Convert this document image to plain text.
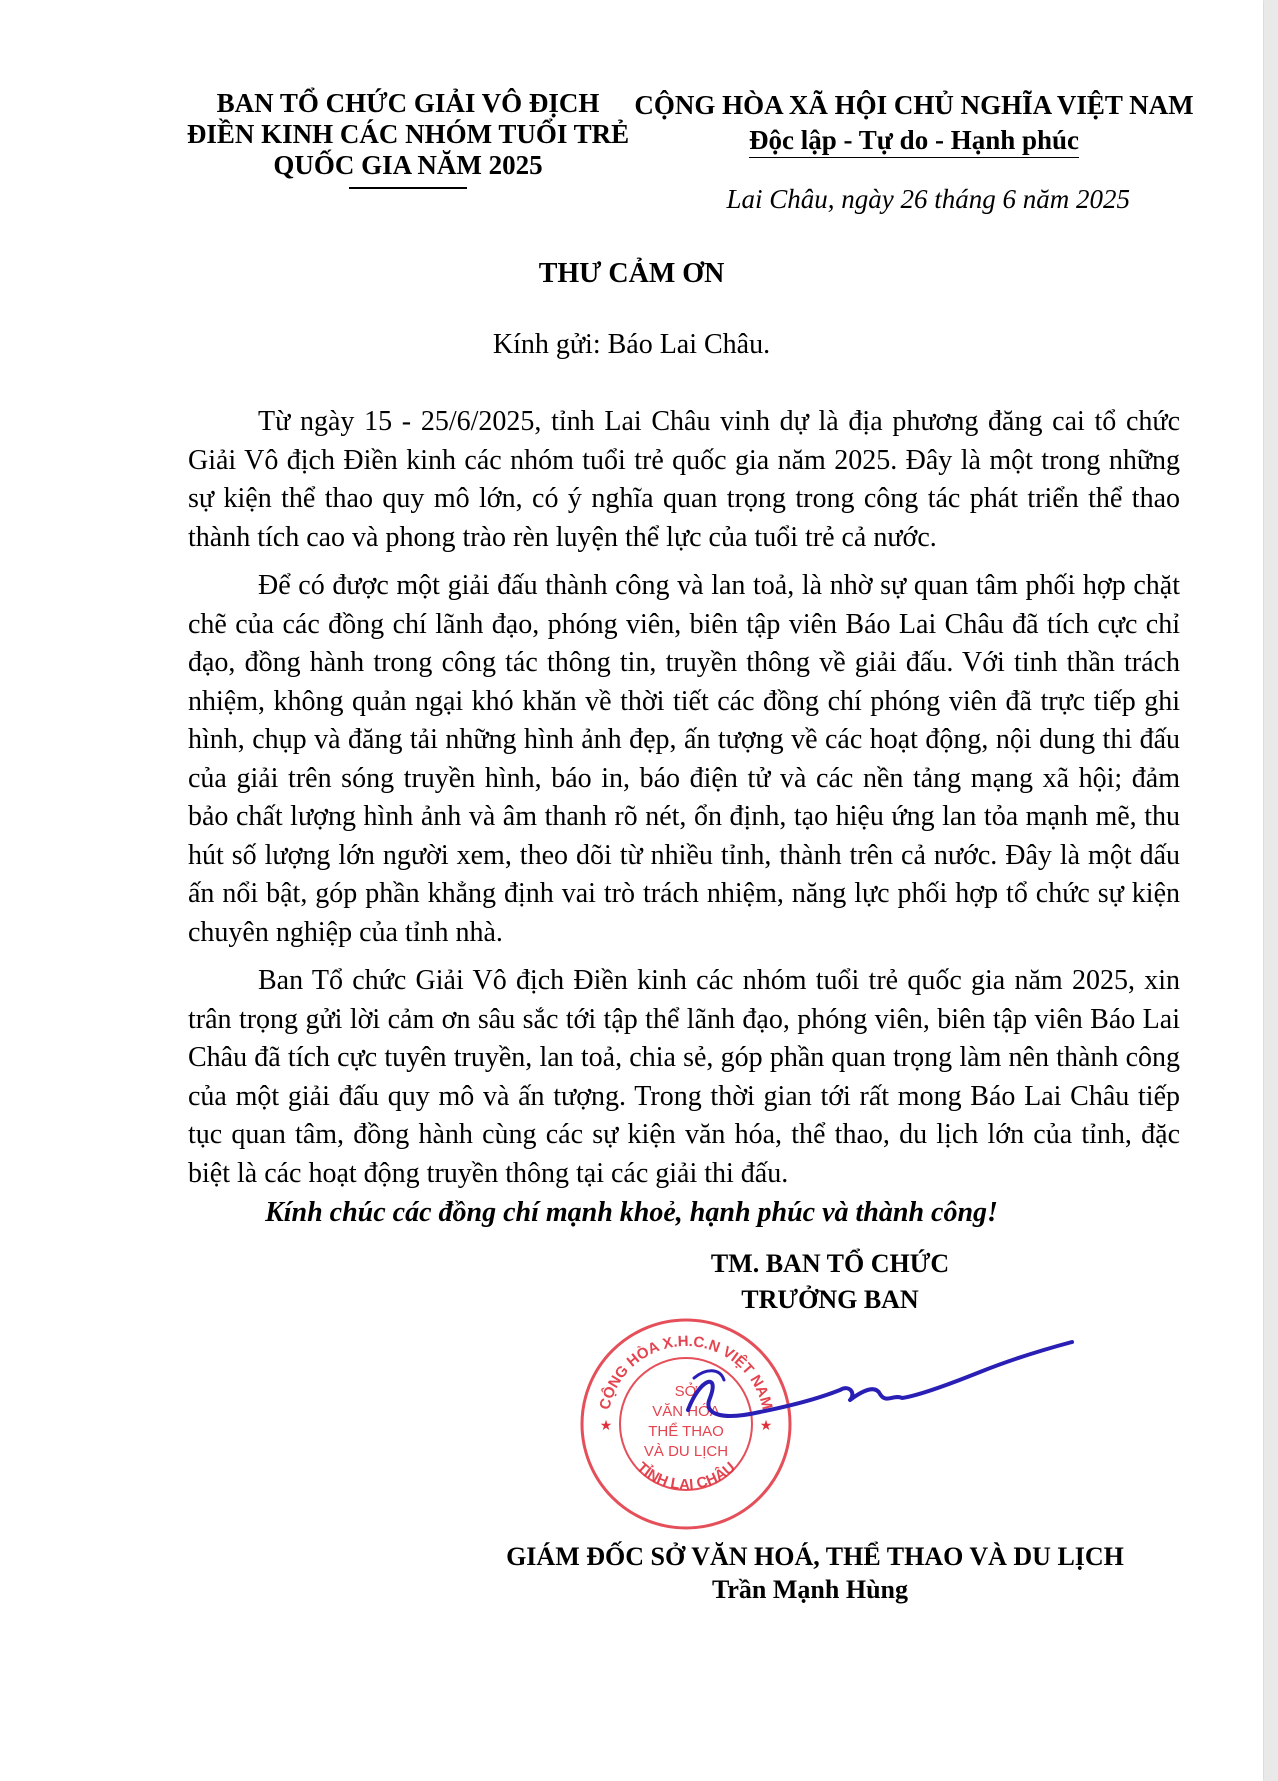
BAN TỔ CHỨC GIẢI VÔ ĐỊCH
ĐIỀN KINH CÁC NHÓM TUỔI TRẺ
QUỐC GIA NĂM 2025
CỘNG HÒA XÃ HỘI CHỦ NGHĨA VIỆT NAM
Độc lập - Tự do - Hạnh phúc
Lai Châu, ngày 26 tháng 6 năm 2025
THƯ CẢM ƠN
Kính gửi: Báo Lai Châu.

Từ ngày 15 - 25/6/2025, tỉnh Lai Châu vinh dự là địa phương đăng cai tổ chức Giải Vô địch Điền kinh các nhóm tuổi trẻ quốc gia năm 2025. Đây là một trong những sự kiện thể thao quy mô lớn, có ý nghĩa quan trọng trong công tác phát triển thể thao thành tích cao và phong trào rèn luyện thể lực của tuổi trẻ cả nước.

Để có được một giải đấu thành công và lan toả, là nhờ sự quan tâm phối hợp chặt chẽ của các đồng chí lãnh đạo, phóng viên, biên tập viên Báo Lai Châu đã tích cực chỉ đạo, đồng hành trong công tác thông tin, truyền thông về giải đấu. Với tinh thần trách nhiệm, không quản ngại khó khăn về thời tiết các đồng chí phóng viên đã trực tiếp ghi hình, chụp và đăng tải những hình ảnh đẹp, ấn tượng về các hoạt động, nội dung thi đấu của giải trên sóng truyền hình, báo in, báo điện tử và các nền tảng mạng xã hội; đảm bảo chất lượng hình ảnh và âm thanh rõ nét, ổn định, tạo hiệu ứng lan tỏa mạnh mẽ, thu hút số lượng lớn người xem, theo dõi từ nhiều tỉnh, thành trên cả nước. Đây là một dấu ấn nổi bật, góp phần khẳng định vai trò trách nhiệm, năng lực phối hợp tổ chức sự kiện chuyên nghiệp của tỉnh nhà.

Ban Tổ chức Giải Vô địch Điền kinh các nhóm tuổi trẻ quốc gia năm 2025, xin trân trọng gửi lời cảm ơn sâu sắc tới tập thể lãnh đạo, phóng viên, biên tập viên Báo Lai Châu đã tích cực tuyên truyền, lan toả, chia sẻ, góp phần quan trọng làm nên thành công của một giải đấu quy mô và ấn tượng. Trong thời gian tới rất mong Báo Lai Châu tiếp tục quan tâm, đồng hành cùng các sự kiện văn hóa, thể thao, du lịch lớn của tỉnh, đặc biệt là các hoạt động truyền thông tại các giải thi đấu.

Kính chúc các đồng chí mạnh khoẻ, hạnh phúc và thành công!
TM. BAN TỔ CHỨC
TRƯỞNG BAN
CỘNG HÒA X.H.C.N VIỆT NAM
TỈNH LAI CHÂU
★	★
SỞ
VĂN HÓA
THỂ THAO
VÀ DU LỊCH
GIÁM ĐỐC SỞ VĂN HOÁ, THỂ THAO VÀ DU LỊCH
Trần Mạnh Hùng
